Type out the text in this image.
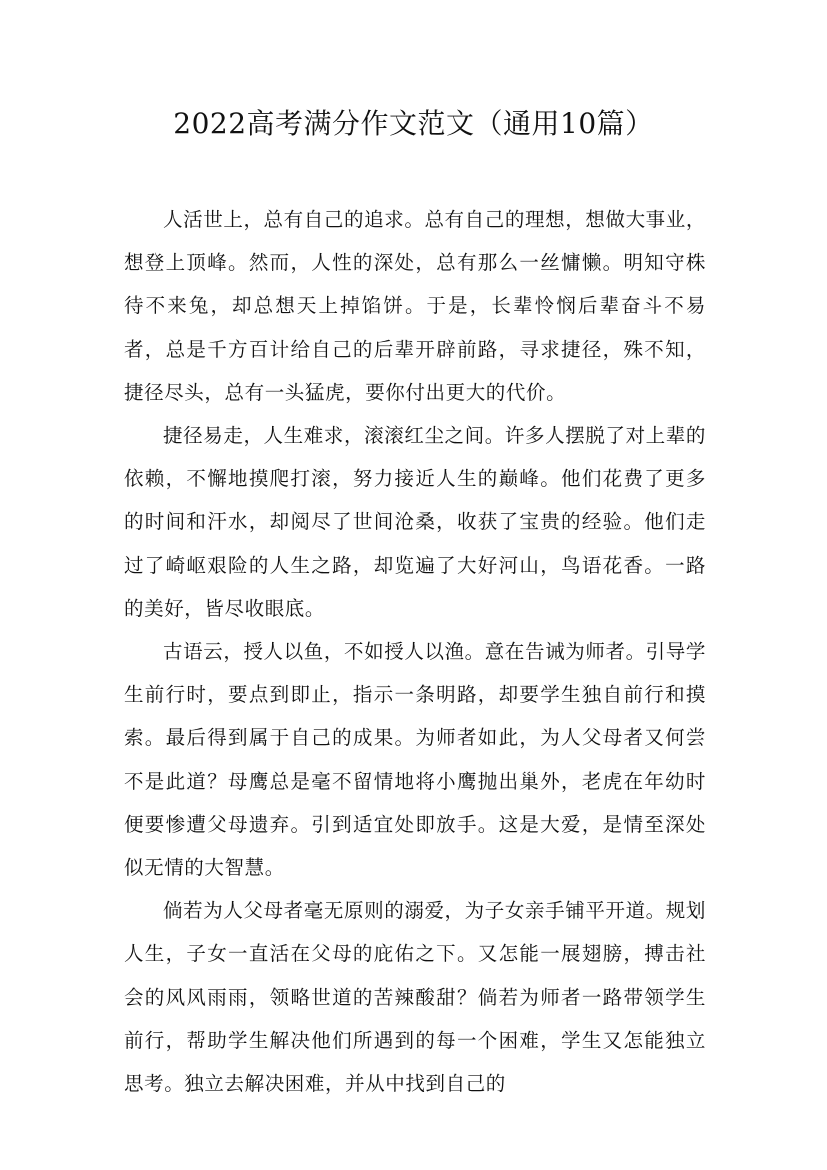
2022高考满分作文范文（通用10篇）

人活世上，总有自己的追求。总有自己的理想，想做大事业，想登上顶峰。然而，人性的深处，总有那么一丝慵懒。明知守株待不来兔，却总想天上掉馅饼。于是，长辈怜悯后辈奋斗不易者，总是千方百计给自己的后辈开辟前路，寻求捷径，殊不知，捷径尽头，总有一头猛虎，要你付出更大的代价。

捷径易走，人生难求，滚滚红尘之间。许多人摆脱了对上辈的依赖，不懈地摸爬打滚，努力接近人生的巅峰。他们花费了更多的时间和汗水，却阅尽了世间沧桑，收获了宝贵的经验。他们走过了崎岖艰险的人生之路，却览遍了大好河山，鸟语花香。一路的美好，皆尽收眼底。

古语云，授人以鱼，不如授人以渔。意在告诫为师者。引导学生前行时，要点到即止，指示一条明路，却要学生独自前行和摸索。最后得到属于自己的成果。为师者如此，为人父母者又何尝不是此道？母鹰总是毫不留情地将小鹰抛出巢外，老虎在年幼时便要惨遭父母遗弃。引到适宜处即放手。这是大爱，是情至深处似无情的大智慧。

倘若为人父母者毫无原则的溺爱，为子女亲手铺平开道。规划人生，子女一直活在父母的庇佑之下。又怎能一展翅膀，搏击社会的风风雨雨，领略世道的苦辣酸甜？倘若为师者一路带领学生前行，帮助学生解决他们所遇到的每一个困难，学生又怎能独立思考。独立去解决困难，并从中找到自己的
